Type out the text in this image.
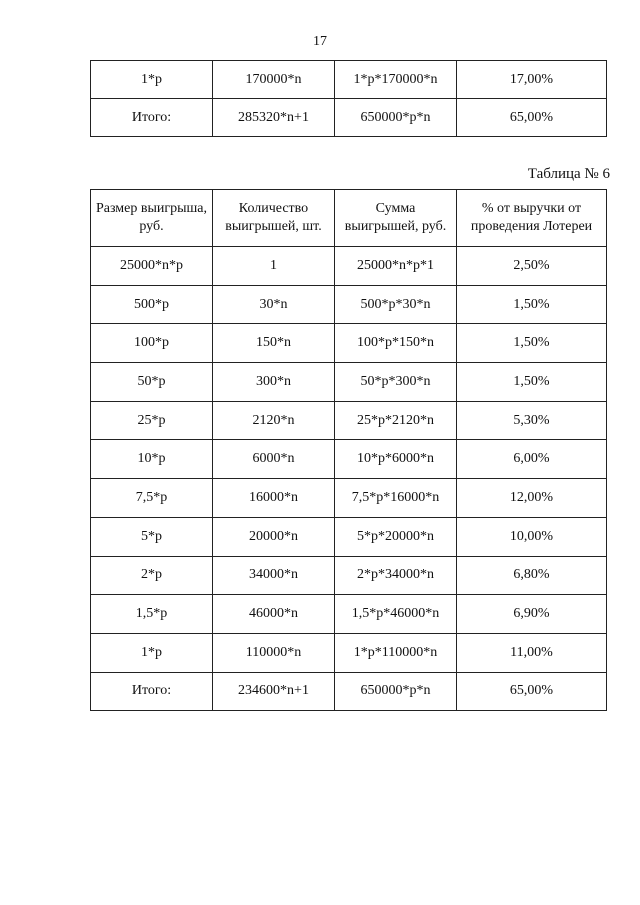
17
1*р	170000*n	1*р*170000*n	17,00%
Итого:	285320*n+1	650000*р*n	65,00%
Таблица № 6
Размер выигрыша, руб.	Количество выигрышей, шт.	Сумма выигрышей, руб.	% от выручки от проведения Лотереи
25000*n*р	1	25000*n*р*1	2,50%
500*р	30*n	500*р*30*n	1,50%
100*р	150*n	100*р*150*n	1,50%
50*р	300*n	50*р*300*n	1,50%
25*р	2120*n	25*р*2120*n	5,30%
10*р	6000*n	10*р*6000*n	6,00%
7,5*р	16000*n	7,5*р*16000*n	12,00%
5*р	20000*n	5*р*20000*n	10,00%
2*р	34000*n	2*р*34000*n	6,80%
1,5*р	46000*n	1,5*р*46000*n	6,90%
1*р	110000*n	1*р*110000*n	11,00%
Итого:	234600*n+1	650000*р*n	65,00%
